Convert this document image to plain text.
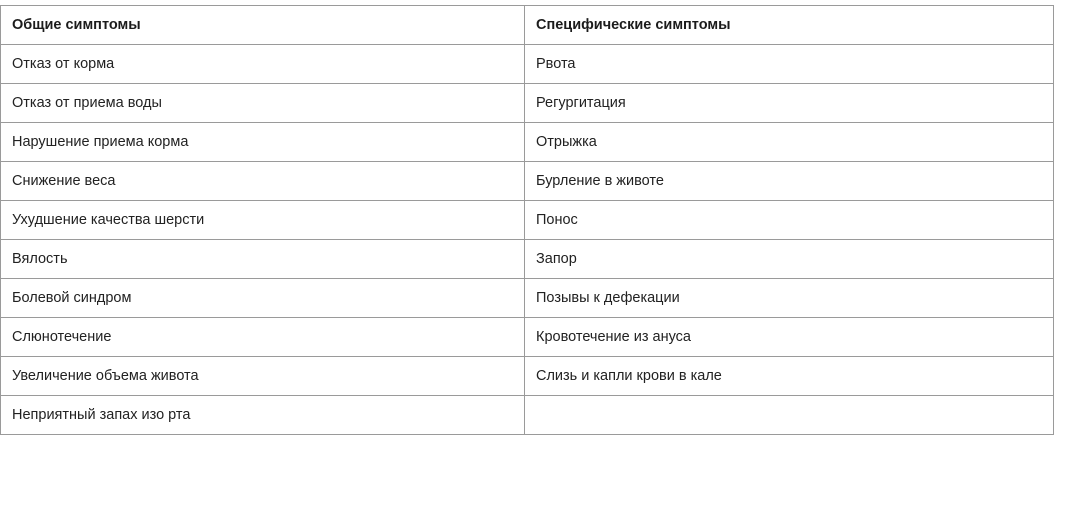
Общие симптомы	Специфические симптомы
Отказ от корма	Рвота
Отказ от приема воды	Регургитация
Нарушение приема корма	Отрыжка
Снижение веса	Бурление в животе
Ухудшение качества шерсти	Понос
Вялость	Запор
Болевой синдром	Позывы к дефекации
Слюнотечение	Кровотечение из ануса
Увеличение объема живота	Слизь и капли крови в кале
Неприятный запах изо рта	
